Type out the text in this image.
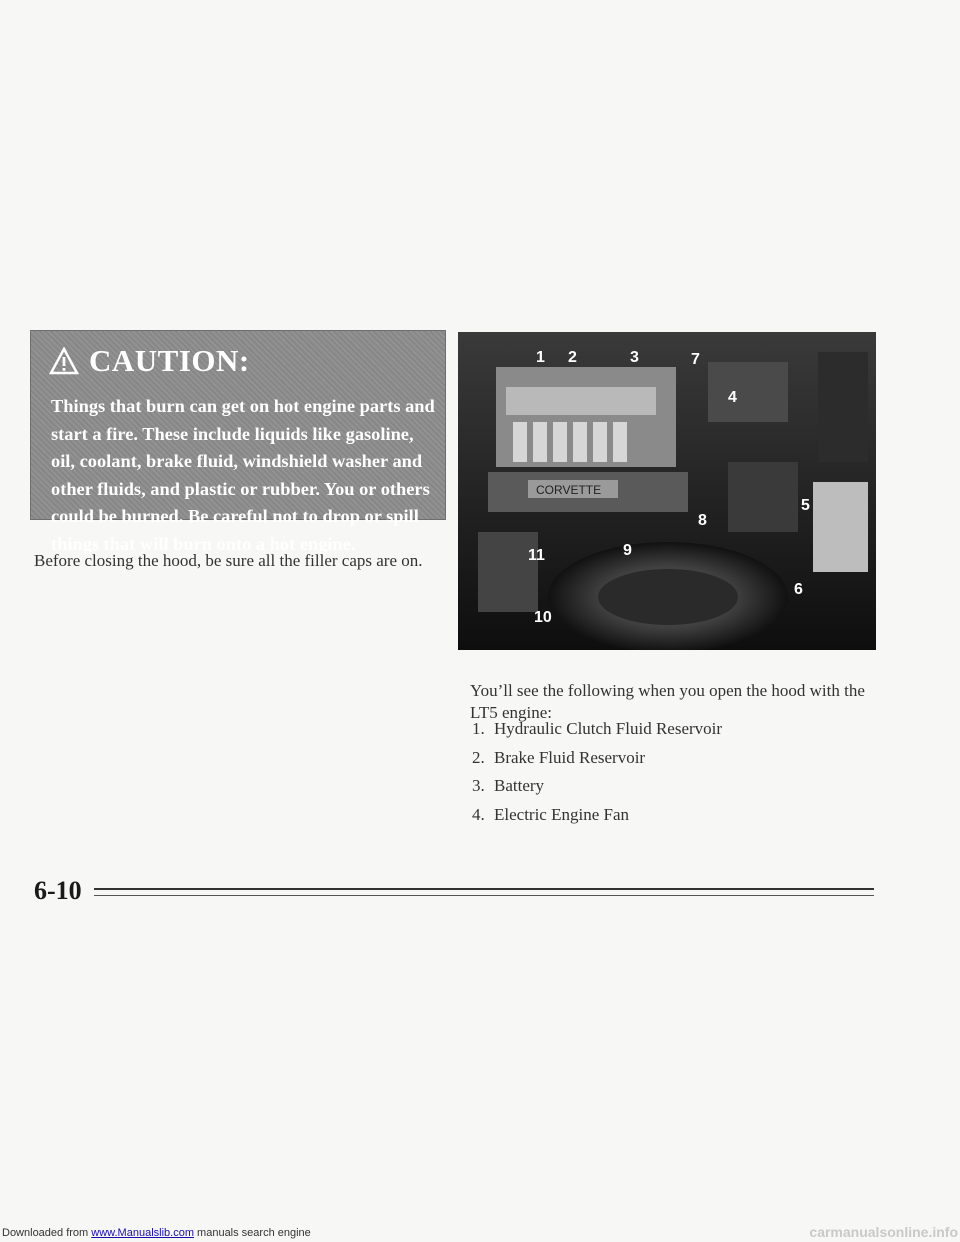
CAUTION:
Things that burn can get on hot engine parts and start a fire. These include liquids like gasoline, oil, coolant, brake fluid, windshield washer and other fluids, and plastic or rubber. You or others could be burned. Be careful not to drop or spill things that will burn onto a hot engine.
Before closing the hood, be sure all the filler caps are on.
CORVETTE
1 2	3
4
5
6
7
8
9
10
11
You’ll see the following when you open the hood with the LT5 engine:
1. Hydraulic Clutch Fluid Reservoir
2. Brake Fluid Reservoir
3. Battery
4. Electric Engine Fan
6-10
Downloaded from www.Manualslib.com manuals search engine	carmanualsonline.info
